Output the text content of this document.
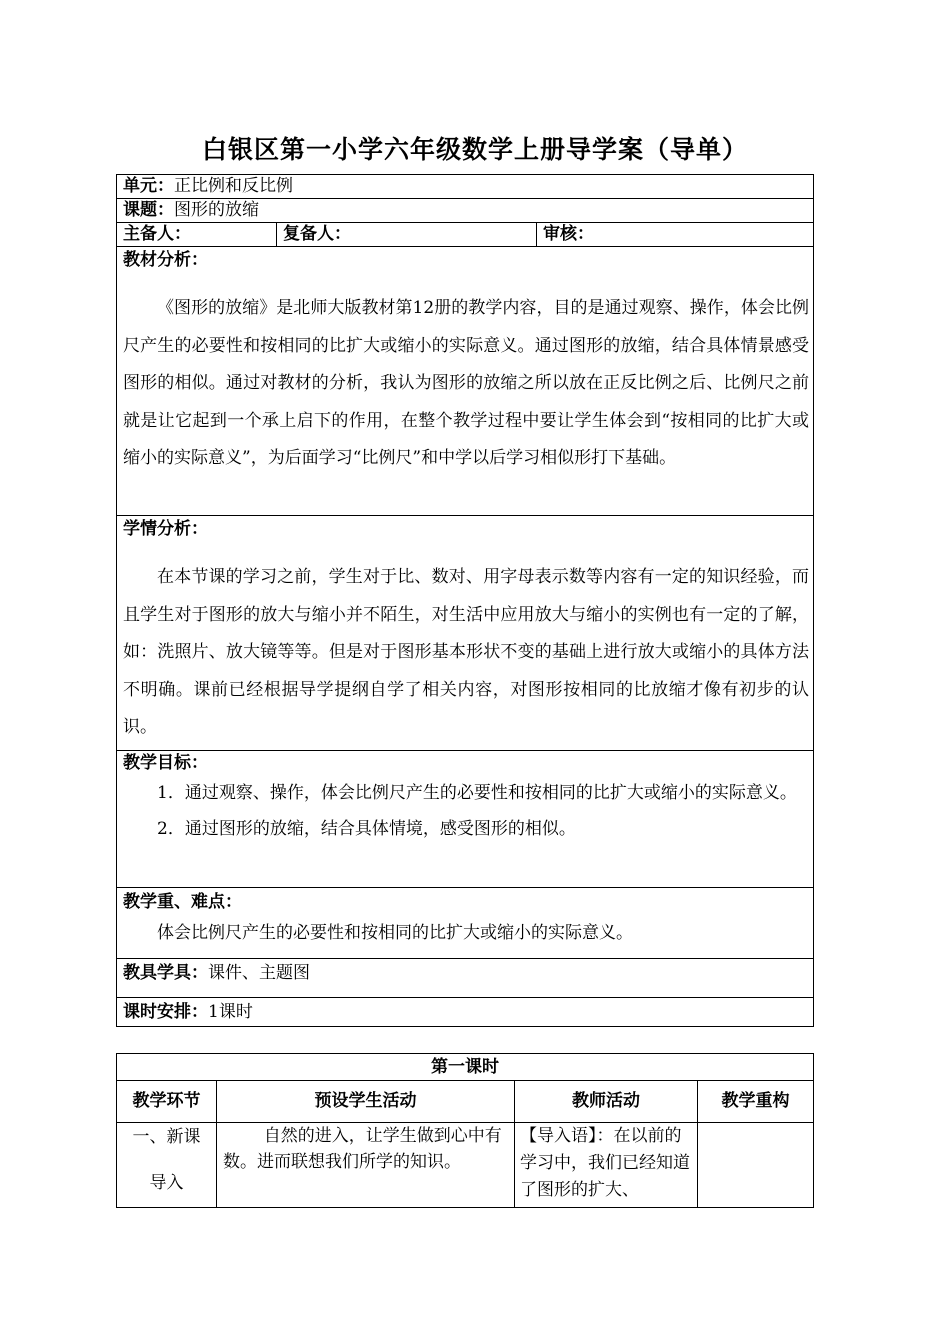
白银区第一小学六年级数学上册导学案（导单）
单元：正比例和反比例
课题：图形的放缩
主备人：	复备人：	审核：

教材分析：

《图形的放缩》是北师大版教材第12册的教学内容，目的是通过观察、操作，体会比例尺产生的必要性和按相同的比扩大或缩小的实际意义。通过图形的放缩，结合具体情景感受图形的相似。通过对教材的分析，我认为图形的放缩之所以放在正反比例之后、比例尺之前就是让它起到一个承上启下的作用，在整个教学过程中要让学生体会到“按相同的比扩大或缩小的实际意义”，为后面学习“比例尺”和中学以后学习相似形打下基础。

学情分析：

在本节课的学习之前，学生对于比、数对、用字母表示数等内容有一定的知识经验，而且学生对于图形的放大与缩小并不陌生，对生活中应用放大与缩小的实例也有一定的了解，如：洗照片、放大镜等等。但是对于图形基本形状不变的基础上进行放大或缩小的具体方法不明确。课前已经根据导学提纲自学了相关内容，对图形按相同的比放缩才像有初步的认识。

教学目标：

1．通过观察、操作，体会比例尺产生的必要性和按相同的比扩大或缩小的实际意义。

2．通过图形的放缩，结合具体情境，感受图形的相似。

教学重、难点：

体会比例尺产生的必要性和按相同的比扩大或缩小的实际意义。

教具学具：课件、主题图
课时安排：1课时
第一课时			
教学环节	预设学生活动	教师活动	教学重构

一、新课
导入	自然的进入，让学生做到心中有数。进而联想我们所学的知识。	【导入语】：在以前的学习中，我们已经知道了图形的扩大、	
